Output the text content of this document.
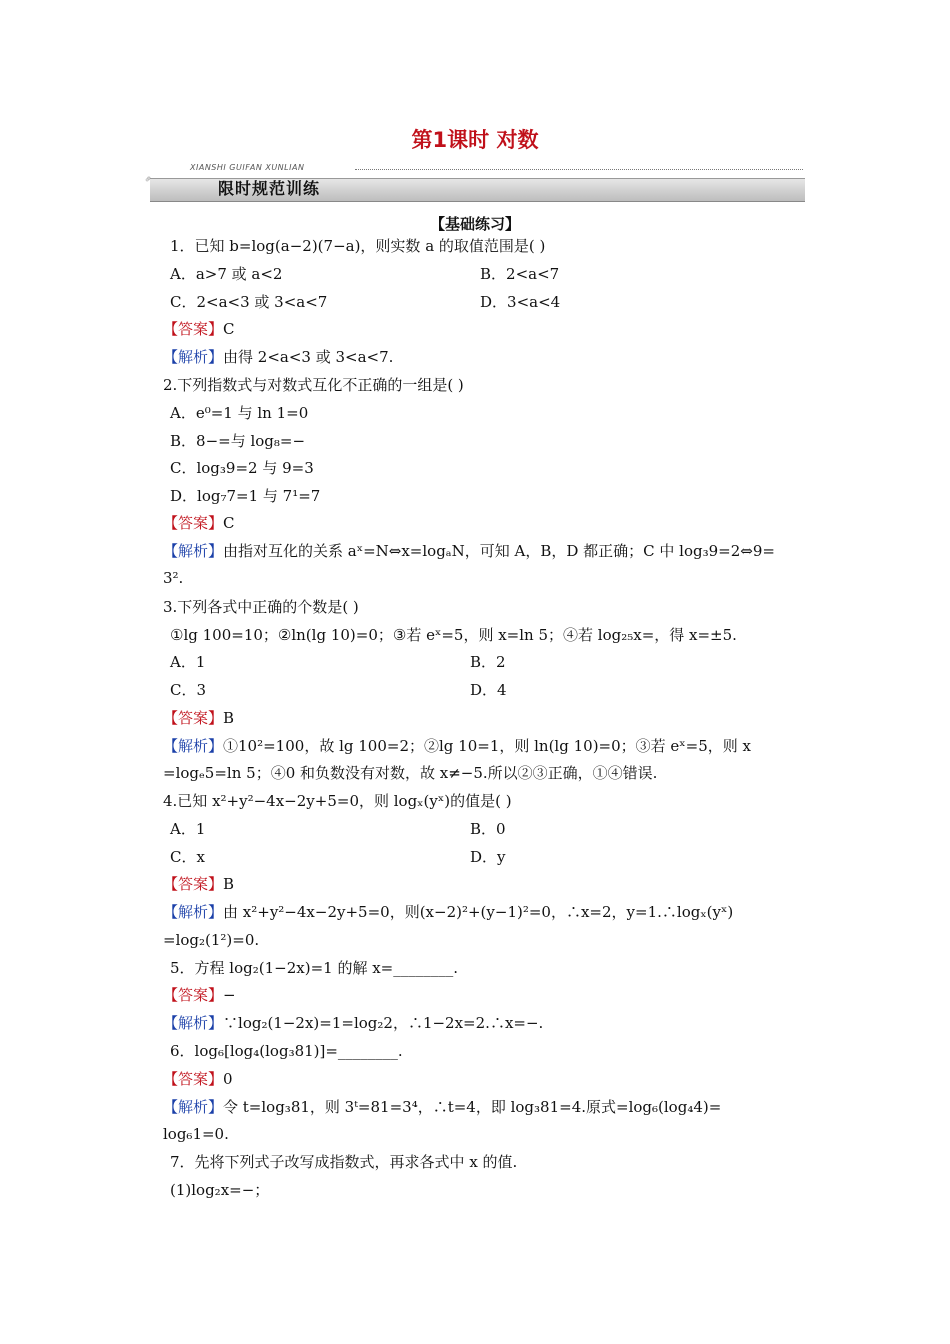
第1课时 对数
XIANSHI GUIFAN XUNLIAN
限时规范训练
【基础练习】
1．已知 b=log(a−2)(7−a)，则实数 a 的取值范围是( )
A．a>7 或 a<2	B．2<a<7
C．2<a<3 或 3<a<7	D．3<a<4
【答案】C
【解析】由得 2<a<3 或 3<a<7.
2.下列指数式与对数式互化不正确的一组是( )
A．e⁰=1 与 ln 1=0
B．8−=与 log₈=−
C．log₃9=2 与 9=3
D．log₇7=1 与 7¹=7
【答案】C
【解析】由指对互化的关系 aˣ=N⇔x=logₐN，可知 A，B，D 都正确；C 中 log₃9=2⇔9=
3².
3.下列各式中正确的个数是( )
①lg 100=10；②ln(lg 10)=0；③若 eˣ=5，则 x=ln 5；④若 log₂₅x=，得 x=±5.
A．1	B．2
C．3	D．4
【答案】B
【解析】①10²=100，故 lg 100=2；②lg 10=1，则 ln(lg 10)=0；③若 eˣ=5，则 x
=logₑ5=ln 5；④0 和负数没有对数，故 x≠−5.所以②③正确，①④错误.
4.已知 x²+y²−4x−2y+5=0，则 logₓ(yˣ)的值是( )
A．1	B．0
C．x	D．y
【答案】B
【解析】由 x²+y²−4x−2y+5=0，则(x−2)²+(y−1)²=0，∴x=2，y=1.∴logₓ(yˣ)
=log₂(1²)=0.
5．方程 log₂(1−2x)=1 的解 x=________.
【答案】−
【解析】∵log₂(1−2x)=1=log₂2，∴1−2x=2.∴x=−.
6．log₆[log₄(log₃81)]=________.
【答案】0
【解析】令 t=log₃81，则 3ᵗ=81=3⁴，∴t=4，即 log₃81=4.原式=log₆(log₄4)=
log₆1=0.
7．先将下列式子改写成指数式，再求各式中 x 的值.
(1)log₂x=−；
